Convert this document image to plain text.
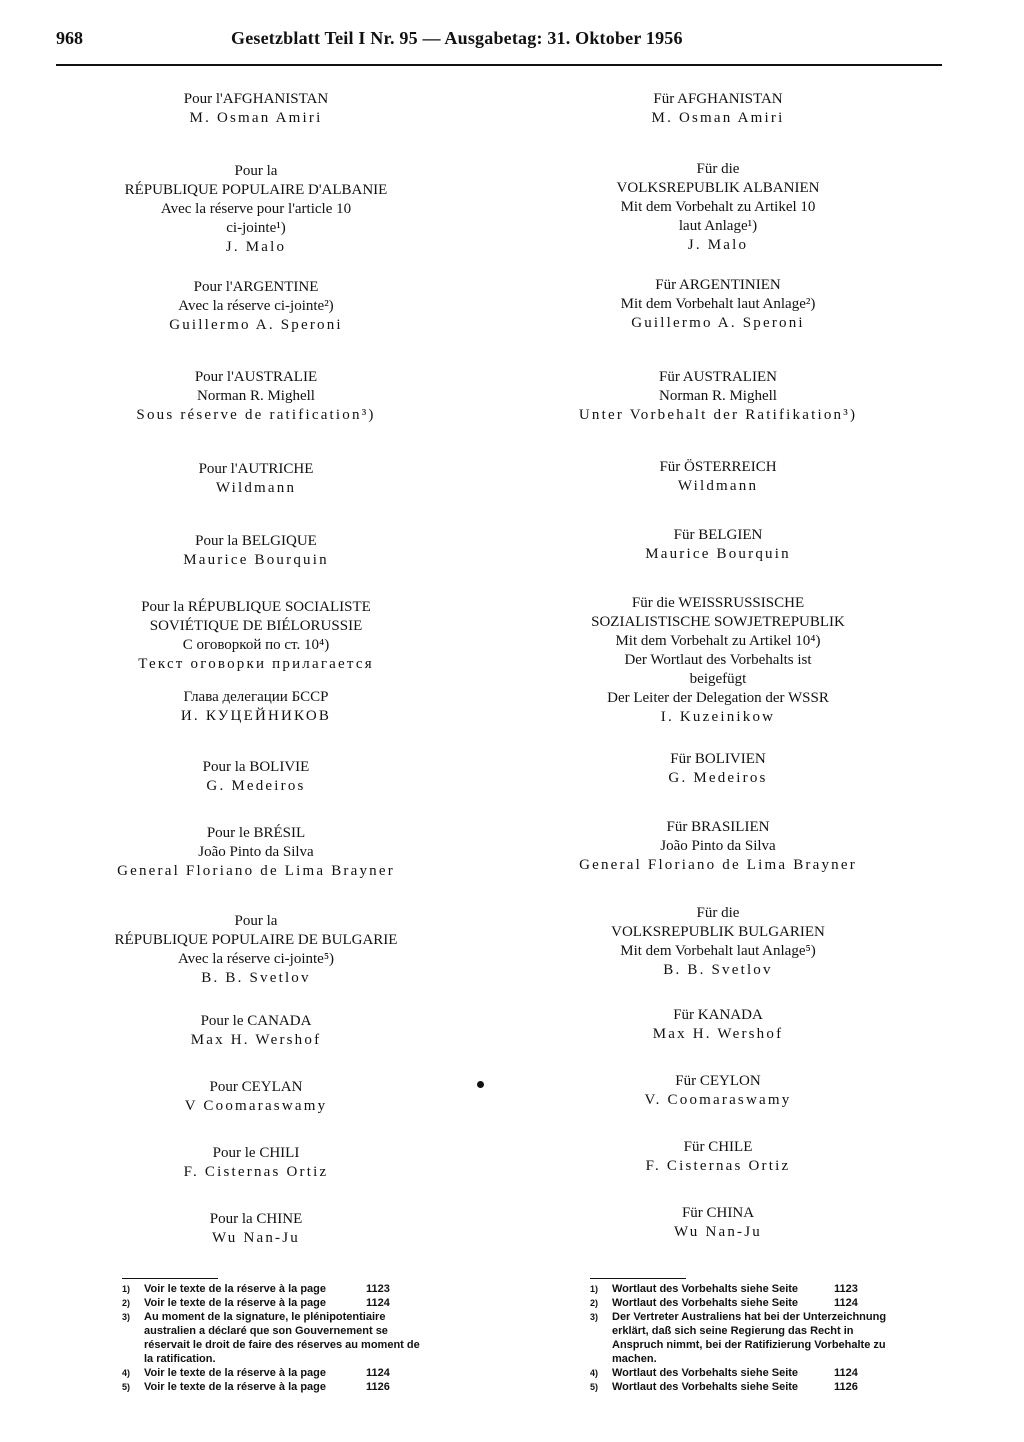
968	Gesetzblatt Teil I Nr. 95 — Ausgabetag: 31. Oktober 1956
Pour l'AFGHANISTAN
M. Osman Amiri
Pour la
RÉPUBLIQUE POPULAIRE D'ALBANIE
Avec la réserve pour l'article 10
ci-jointe¹)
J. Malo
Pour l'ARGENTINE
Avec la réserve ci-jointe²)
Guillermo A. Speroni
Pour l'AUSTRALIE
Norman R. Mighell
Sous réserve de ratification³)
Pour l'AUTRICHE
Wildmann
Pour la BELGIQUE
Maurice Bourquin
Pour la RÉPUBLIQUE SOCIALISTE
SOVIÉTIQUE DE BIÉLORUSSIE
С оговоркой по ст. 10⁴)
Текст оговорки прилагается
Глава делегации БССР
И. КУЦЕЙНИКОВ
Pour la BOLIVIE
G. Medeiros
Pour le BRÉSIL
João Pinto da Silva
General Floriano de Lima Brayner
Pour la
RÉPUBLIQUE POPULAIRE DE BULGARIE
Avec la réserve ci-jointe⁵)
B. B. Svetlov
Pour le CANADA
Max H. Wershof
Pour CEYLAN
V Coomaraswamy
Pour le CHILI
F. Cisternas Ortiz
Pour la CHINE
Wu Nan-Ju
Für AFGHANISTAN
M. Osman Amiri
Für die
VOLKSREPUBLIK ALBANIEN
Mit dem Vorbehalt zu Artikel 10
laut Anlage¹)
J. Malo
Für ARGENTINIEN
Mit dem Vorbehalt laut Anlage²)
Guillermo A. Speroni
Für AUSTRALIEN
Norman R. Mighell
Unter Vorbehalt der Ratifikation³)
Für ÖSTERREICH
Wildmann
Für BELGIEN
Maurice Bourquin
Für die WEISSRUSSISCHE
SOZIALISTISCHE SOWJETREPUBLIK
Mit dem Vorbehalt zu Artikel 10⁴)
Der Wortlaut des Vorbehalts ist
beigefügt
Der Leiter der Delegation der WSSR
I. Kuzeinikow
Für BOLIVIEN
G. Medeiros
Für BRASILIEN
João Pinto da Silva
General Floriano de Lima Brayner
Für die
VOLKSREPUBLIK BULGARIEN
Mit dem Vorbehalt laut Anlage⁵)
B. B. Svetlov
Für KANADA
Max H. Wershof
Für CEYLON
V. Coomaraswamy
Für CHILE
F. Cisternas Ortiz
Für CHINA
Wu Nan-Ju

1) Voir le texte de la réserve à la page	1123

2) Voir le texte de la réserve à la page	1124

3) Au moment de la signature, le plénipotentiaire australien a déclaré que son Gouvernement se réservait le droit de faire des réserves au moment de la ratification.

4) Voir le texte de la réserve à la page	1124

5) Voir le texte de la réserve à la page	1126

1) Wortlaut des Vorbehalts siehe Seite	1123

2) Wortlaut des Vorbehalts siehe Seite	1124

3) Der Vertreter Australiens hat bei der Unterzeichnung erklärt, daß sich seine Regierung das Recht in Anspruch nimmt, bei der Ratifizierung Vorbehalte zu machen.

4) Wortlaut des Vorbehalts siehe Seite	1124

5) Wortlaut des Vorbehalts siehe Seite	1126
